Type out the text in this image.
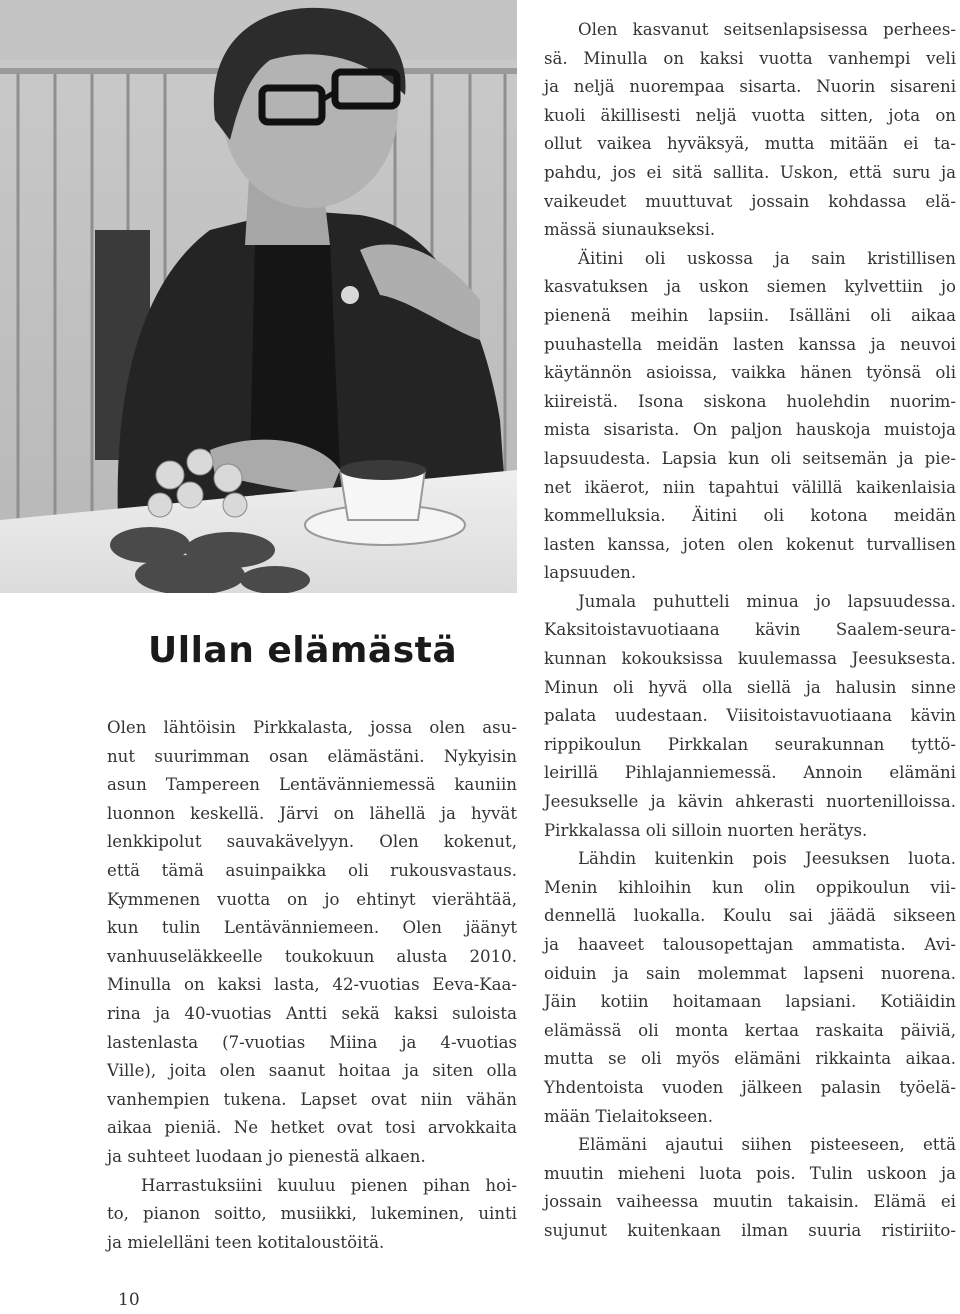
Ullan elämästä
Olen lähtöisin Pirkkalasta, jossa olen asu-
nut suurimman osan elämästäni. Nykyisin
asun Tampereen Lentävänniemessä kauniin
luonnon keskellä. Järvi on lähellä ja hyvät
lenkkipolut sauvakävelyyn. Olen kokenut,
että tämä asuinpaikka oli rukousvastaus.
Kymmenen vuotta on jo ehtinyt vierähtää,
kun tulin Lentävänniemeen. Olen jäänyt
vanhuuseläkkeelle toukokuun alusta 2010.
Minulla on kaksi lasta, 42-vuotias Eeva-Kaa-
rina ja 40-vuotias Antti sekä kaksi suloista
lastenlasta (7-vuotias Miina ja 4-vuotias
Ville), joita olen saanut hoitaa ja siten olla
vanhempien tukena. Lapset ovat niin vähän
aikaa pieniä. Ne hetket ovat tosi arvokkaita
ja suhteet luodaan jo pienestä alkaen.
Harrastuksiini kuuluu pienen pihan hoi-
to, pianon soitto, musiikki, lukeminen, uinti
ja mielelläni teen kotitaloustöitä.
Olen kasvanut seitsenlapsisessa perhees-
sä. Minulla on kaksi vuotta vanhempi veli
ja neljä nuorempaa sisarta. Nuorin sisareni
kuoli äkillisesti neljä vuotta sitten, jota on
ollut vaikea hyväksyä, mutta mitään ei ta-
pahdu, jos ei sitä sallita. Uskon, että suru ja
vaikeudet muuttuvat jossain kohdassa elä-
mässä siunaukseksi.
Äitini oli uskossa ja sain kristillisen
kasvatuksen ja uskon siemen kylvettiin jo
pienenä meihin lapsiin. Isälläni oli aikaa
puuhastella meidän lasten kanssa ja neuvoi
käytännön asioissa, vaikka hänen työnsä oli
kiireistä. Isona siskona huolehdin nuorim-
mista sisarista. On paljon hauskoja muistoja
lapsuudesta. Lapsia kun oli seitsemän ja pie-
net ikäerot, niin tapahtui välillä kaikenlaisia
kommelluksia. Äitini oli kotona meidän
lasten kanssa, joten olen kokenut turvallisen
lapsuuden.
Jumala puhutteli minua jo lapsuudessa.
Kaksitoistavuotiaana kävin Saalem-seura-
kunnan kokouksissa kuulemassa Jeesuksesta.
Minun oli hyvä olla siellä ja halusin sinne
palata uudestaan. Viisitoistavuotiaana kävin
rippikoulun Pirkkalan seurakunnan tyttö-
leirillä Pihlajanniemessä. Annoin elämäni
Jeesukselle ja kävin ahkerasti nuortenilloissa.
Pirkkalassa oli silloin nuorten herätys.
Lähdin kuitenkin pois Jeesuksen luota.
Menin kihloihin kun olin oppikoulun vii-
dennellä luokalla. Koulu sai jäädä sikseen
ja haaveet talousopettajan ammatista. Avi-
oiduin ja sain molemmat lapseni nuorena.
Jäin kotiin hoitamaan lapsiani. Kotiäidin
elämässä oli monta kertaa raskaita päiviä,
mutta se oli myös elämäni rikkainta aikaa.
Yhdentoista vuoden jälkeen palasin työelä-
mään Tielaitokseen.
Elämäni ajautui siihen pisteeseen, että
muutin mieheni luota pois. Tulin uskoon ja
jossain vaiheessa muutin takaisin. Elämä ei
sujunut kuitenkaan ilman suuria ristiriito-
10
